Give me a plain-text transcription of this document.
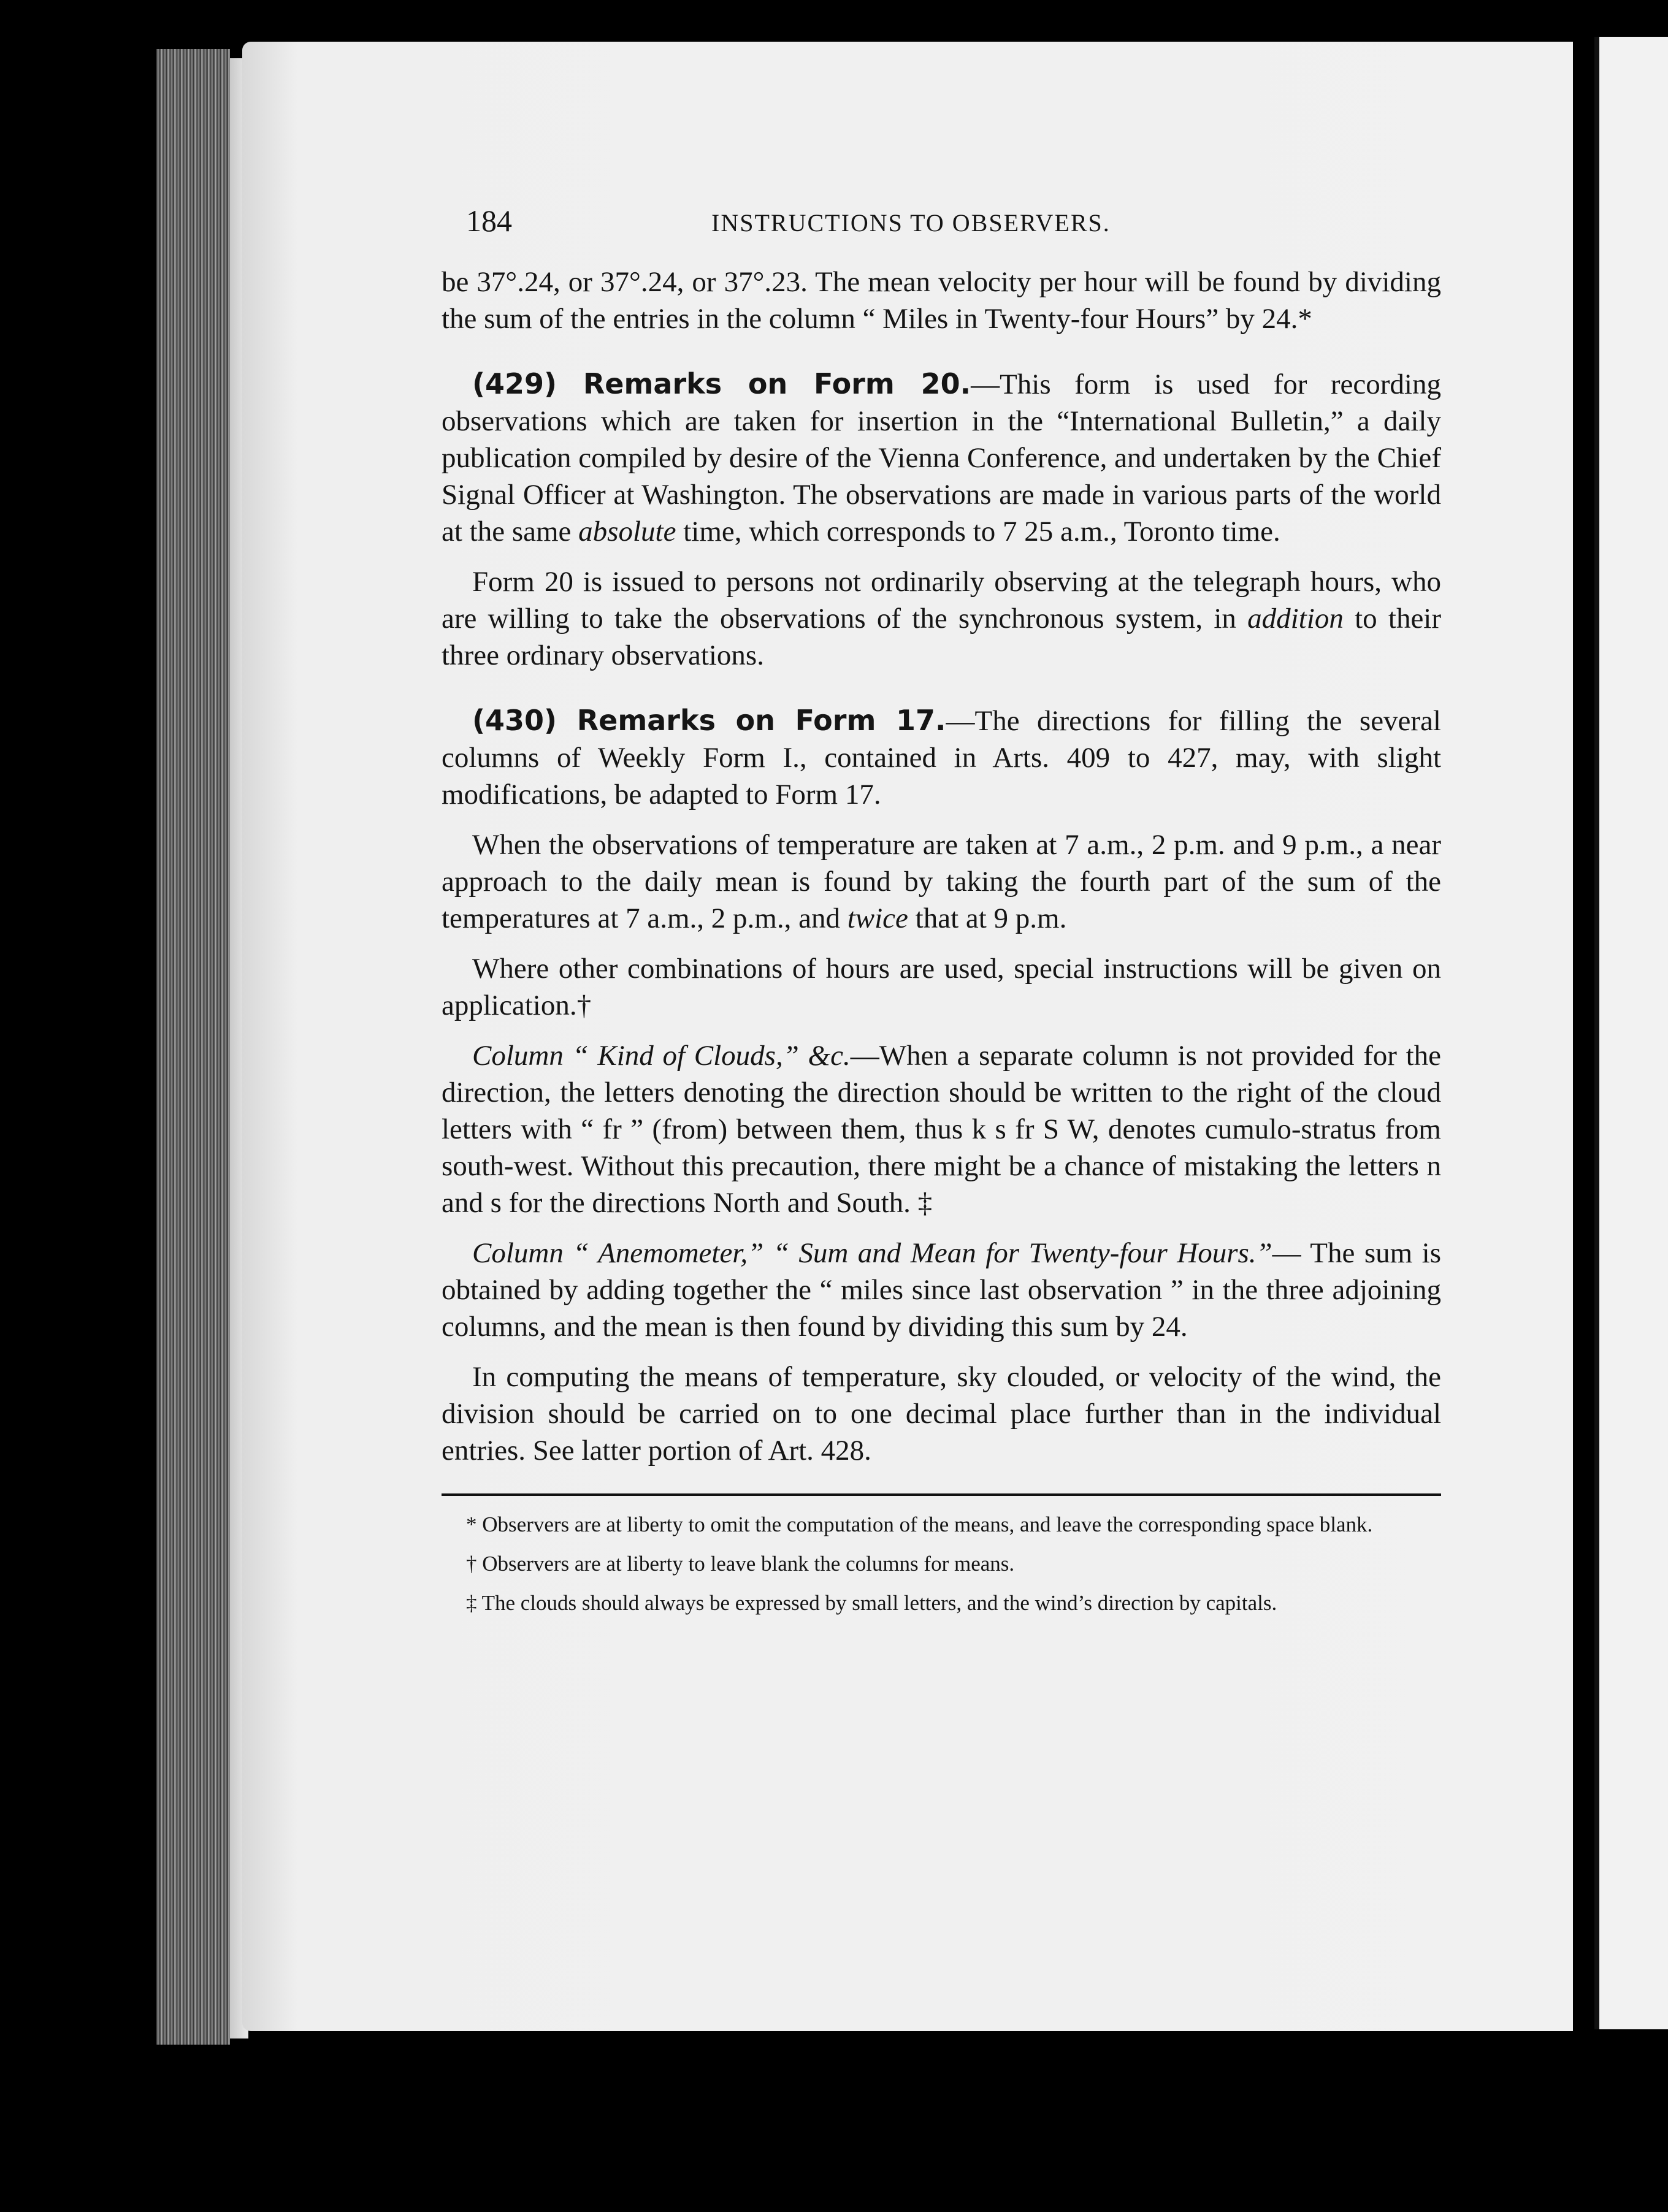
184	INSTRUCTIONS TO OBSERVERS.

be 37°.24, or 37°.24, or 37°.23. The mean velocity per hour will be found by dividing the sum of the entries in the column “ Miles in Twenty-four Hours” by 24.*

(429) Remarks on Form 20.—This form is used for recording observations which are taken for insertion in the “International Bulletin,” a daily publication compiled by desire of the Vienna Conference, and undertaken by the Chief Signal Officer at Washington. The observations are made in various parts of the world at the same absolute time, which corresponds to 7 25 a.m., Toronto time.

Form 20 is issued to persons not ordinarily observing at the telegraph hours, who are willing to take the observations of the synchronous system, in addition to their three ordinary observations.

(430) Remarks on Form 17.—The directions for filling the several columns of Weekly Form I., contained in Arts. 409 to 427, may, with slight modifications, be adapted to Form 17.

When the observations of temperature are taken at 7 a.m., 2 p.m. and 9 p.m., a near approach to the daily mean is found by taking the fourth part of the sum of the temperatures at 7 a.m., 2 p.m., and twice that at 9 p.m.

Where other combinations of hours are used, special instructions will be given on application.†

Column “ Kind of Clouds,” &c.—When a separate column is not provided for the direction, the letters denoting the direction should be written to the right of the cloud letters with “ fr ” (from) between them, thus k s fr S W, denotes cumulo-stratus from south-west. Without this precaution, there might be a chance of mistaking the letters n and s for the directions North and South. ‡

Column “ Anemometer,” “ Sum and Mean for Twenty-four Hours.”— The sum is obtained by adding together the “ miles since last observation ” in the three adjoining columns, and the mean is then found by dividing this sum by 24.

In computing the means of temperature, sky clouded, or velocity of the wind, the division should be carried on to one decimal place further than in the individual entries. See latter portion of Art. 428.

* Observers are at liberty to omit the computation of the means, and leave the corresponding space blank.

† Observers are at liberty to leave blank the columns for means.

‡ The clouds should always be expressed by small letters, and the wind’s direction by capitals.
